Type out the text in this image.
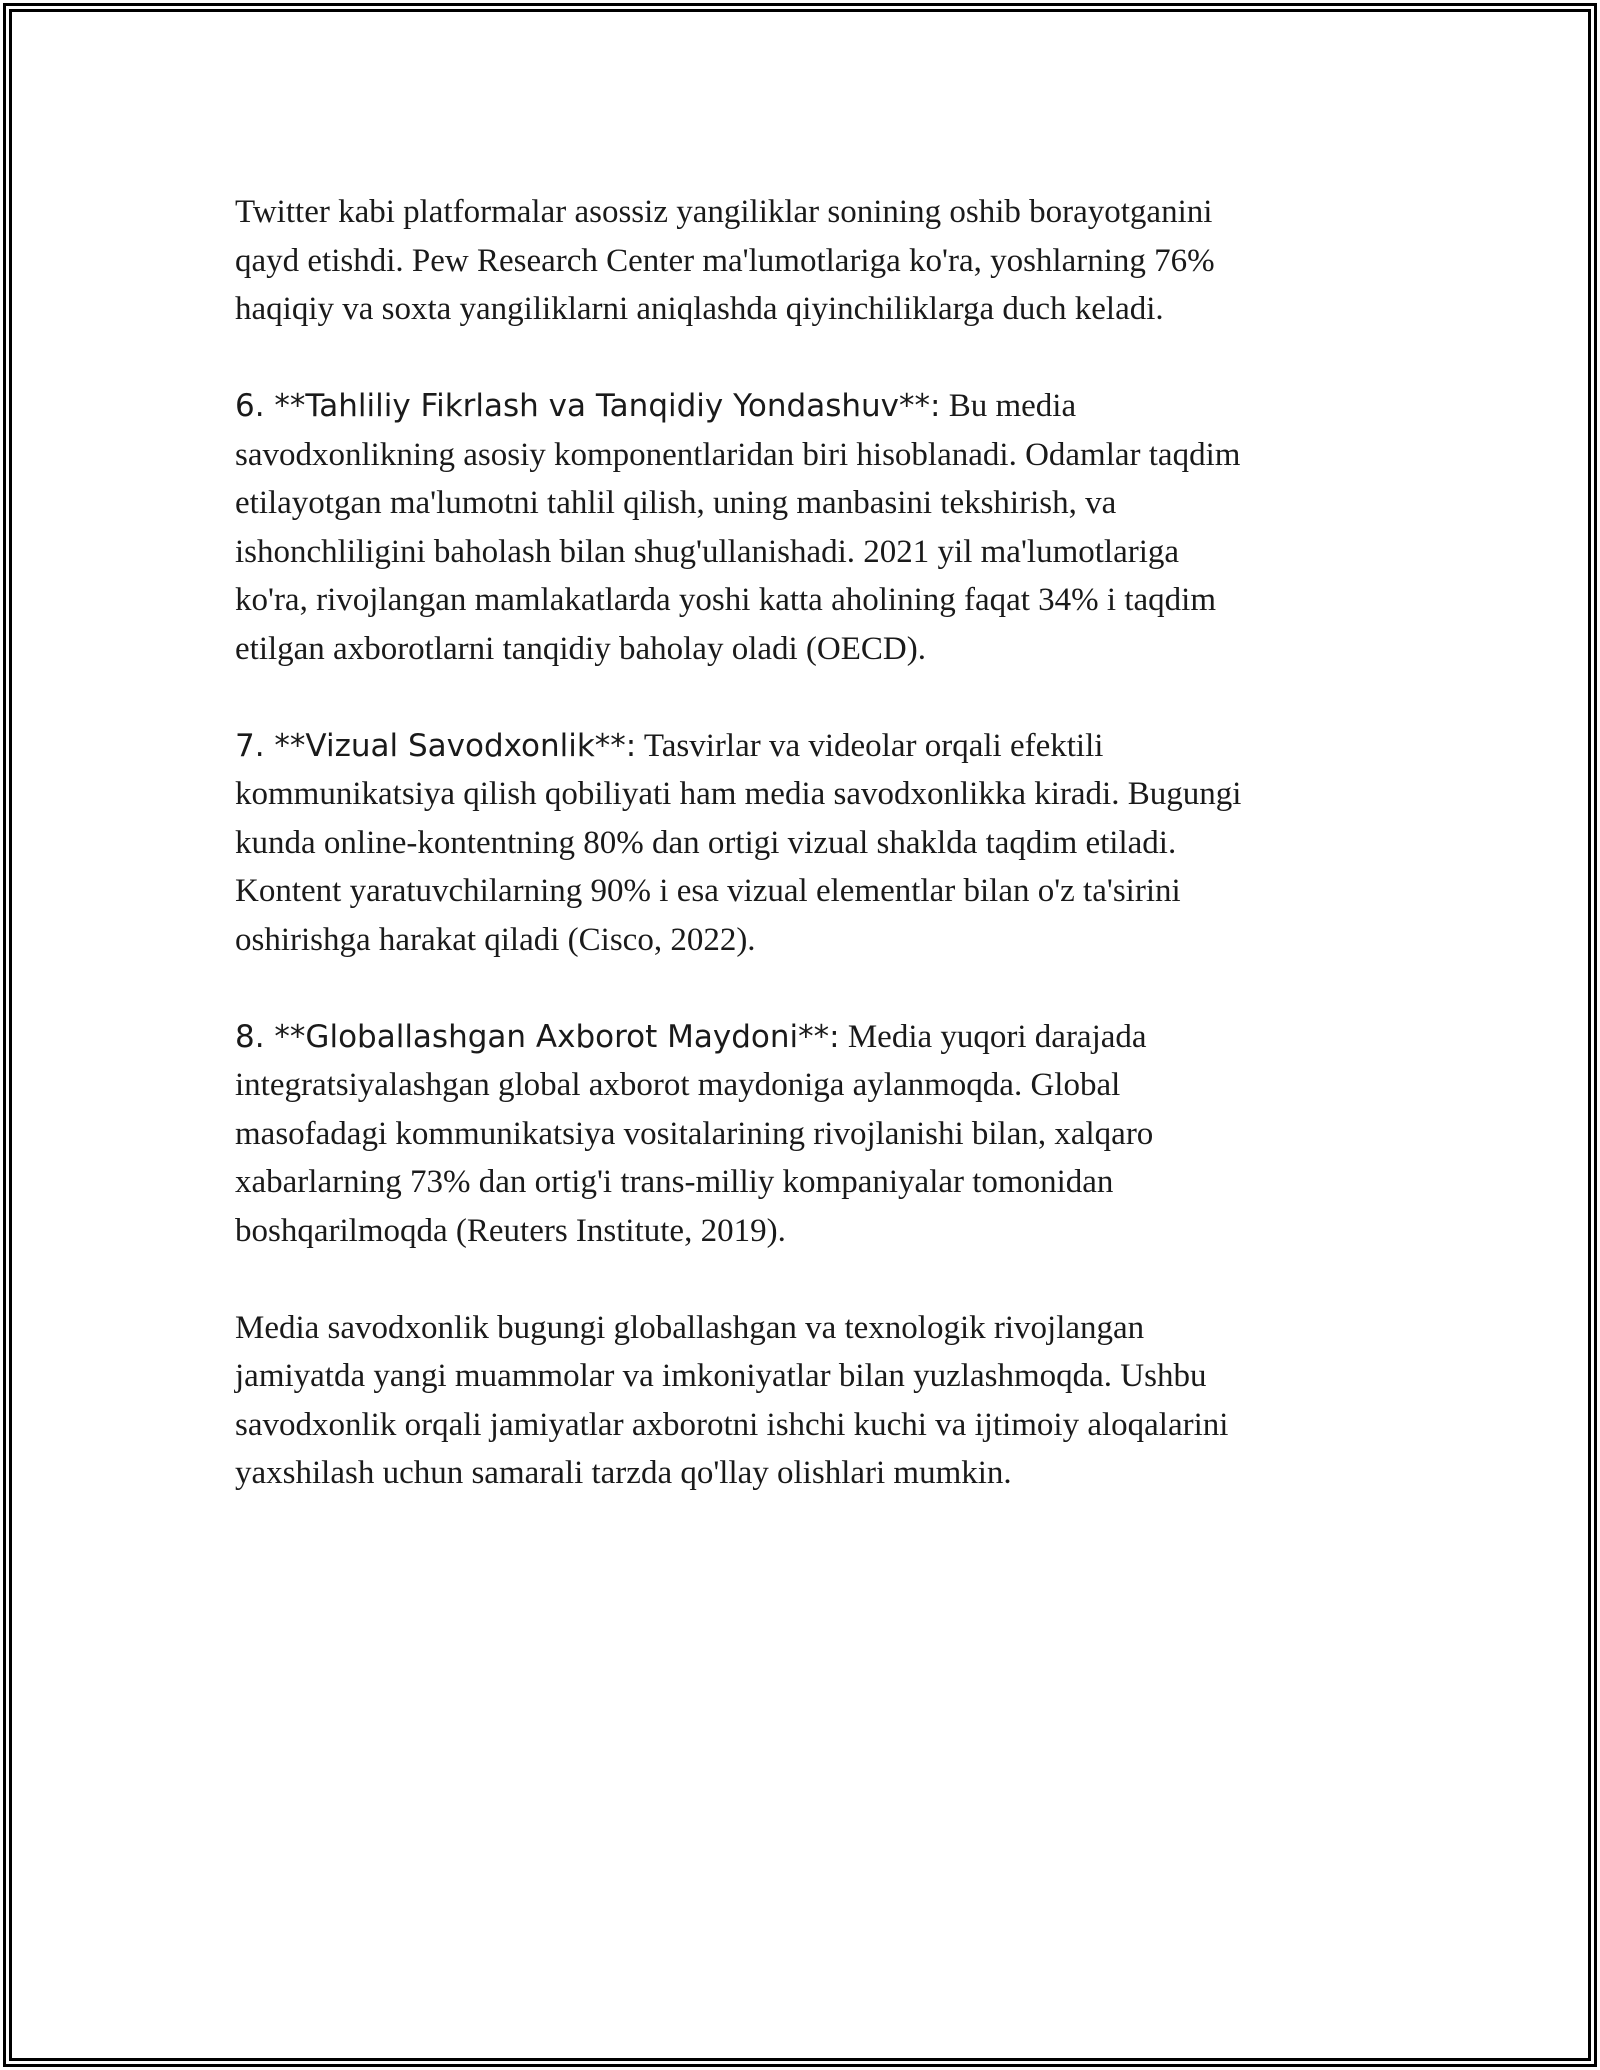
Twitter kabi platformalar asossiz yangiliklar sonining oshib borayotganini
qayd etishdi. Pew Research Center ma'lumotlariga ko'ra, yoshlarning 76%
haqiqiy va soxta yangiliklarni aniqlashda qiyinchiliklarga duch keladi.

6. **Tahliliy Fikrlash va Tanqidiy Yondashuv**: Bu media
savodxonlikning asosiy komponentlaridan biri hisoblanadi. Odamlar taqdim
etilayotgan ma'lumotni tahlil qilish, uning manbasini tekshirish, va
ishonchliligini baholash bilan shug'ullanishadi. 2021 yil ma'lumotlariga
ko'ra, rivojlangan mamlakatlarda yoshi katta aholining faqat 34% i taqdim
etilgan axborotlarni tanqidiy baholay oladi (OECD).

7. **Vizual Savodxonlik**: Tasvirlar va videolar orqali efektili
kommunikatsiya qilish qobiliyati ham media savodxonlikka kiradi. Bugungi
kunda online-kontentning 80% dan ortigi vizual shaklda taqdim etiladi.
Kontent yaratuvchilarning 90% i esa vizual elementlar bilan o'z ta'sirini
oshirishga harakat qiladi (Cisco, 2022).

8. **Globallashgan Axborot Maydoni**: Media yuqori darajada
integratsiyalashgan global axborot maydoniga aylanmoqda. Global
masofadagi kommunikatsiya vositalarining rivojlanishi bilan, xalqaro
xabarlarning 73% dan ortig'i trans-milliy kompaniyalar tomonidan
boshqarilmoqda (Reuters Institute, 2019).

Media savodxonlik bugungi globallashgan va texnologik rivojlangan
jamiyatda yangi muammolar va imkoniyatlar bilan yuzlashmoqda. Ushbu
savodxonlik orqali jamiyatlar axborotni ishchi kuchi va ijtimoiy aloqalarini
yaxshilash uchun samarali tarzda qo'llay olishlari mumkin.
